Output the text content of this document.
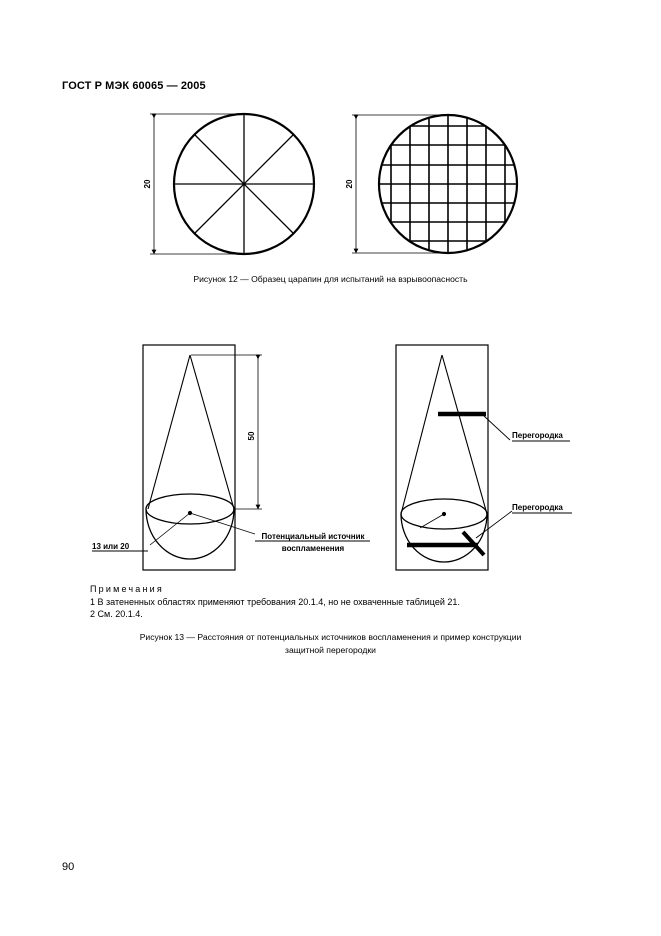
ГОСТ Р МЭК 60065 — 2005
20	20
50
13 или 20
Потенциальный источник
воспламенения
Перегородка
Перегородка
Рисунок 12 — Образец царапин для испытаний на взрывоопасность
Примечания
1 В затененных областях применяют требования 20.1.4, но не охваченные таблицей 21.
2 См. 20.1.4.
Рисунок 13 — Расстояния от потенциальных источников воспламенения и пример конструкции
защитной перегородки
90
